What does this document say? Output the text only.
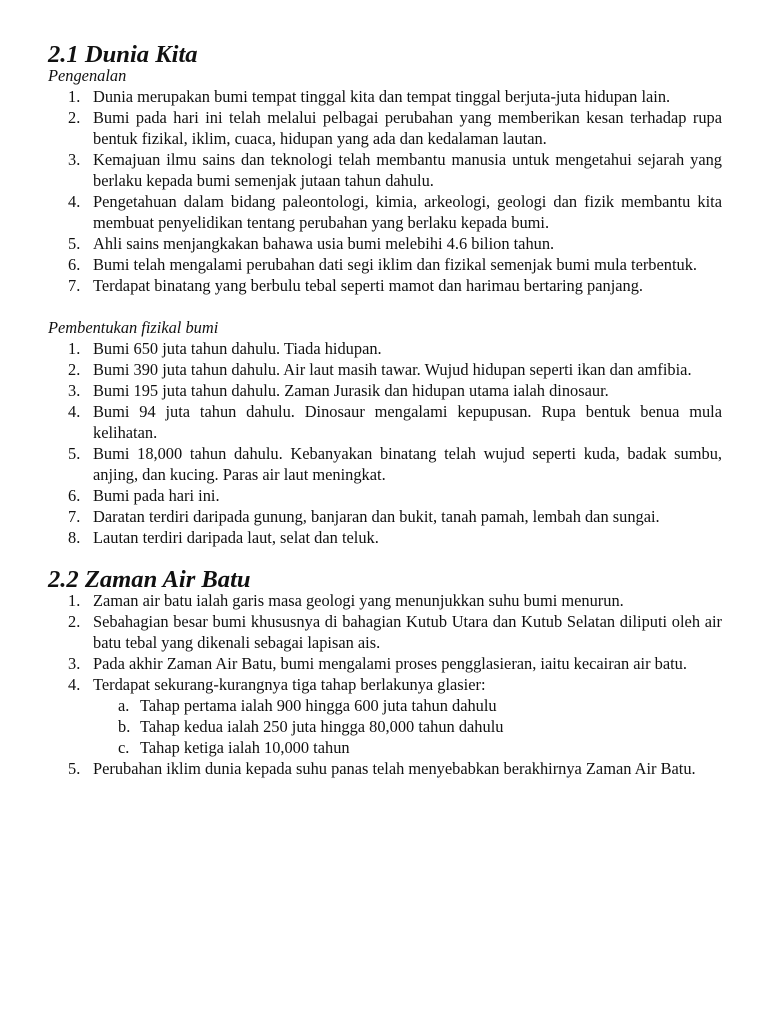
2.1 Dunia Kita
Pengenalan
1. Dunia merupakan bumi tempat tinggal kita dan tempat tinggal berjuta-juta hidupan lain.
2. Bumi pada hari ini telah melalui pelbagai perubahan yang memberikan kesan terhadap rupa bentuk fizikal, iklim, cuaca, hidupan yang ada dan kedalaman lautan.
3. Kemajuan ilmu sains dan teknologi telah membantu manusia untuk mengetahui sejarah yang berlaku kepada bumi semenjak jutaan tahun dahulu.
4. Pengetahuan dalam bidang paleontologi, kimia, arkeologi, geologi dan fizik membantu kita membuat penyelidikan tentang perubahan yang berlaku kepada bumi.
5. Ahli sains menjangkakan bahawa usia bumi melebihi 4.6 bilion tahun.
6. Bumi telah mengalami perubahan dati segi iklim dan fizikal semenjak bumi mula terbentuk.
7. Terdapat binatang yang berbulu tebal seperti mamot dan harimau bertaring panjang.
Pembentukan fizikal bumi
1. Bumi 650 juta tahun dahulu. Tiada hidupan.
2. Bumi 390 juta tahun dahulu. Air laut masih tawar. Wujud hidupan seperti ikan dan amfibia.
3. Bumi 195 juta tahun dahulu. Zaman Jurasik dan hidupan utama ialah dinosaur.
4. Bumi 94 juta tahun dahulu. Dinosaur mengalami kepupusan. Rupa bentuk benua mula kelihatan.
5. Bumi 18,000 tahun dahulu. Kebanyakan binatang telah wujud seperti kuda, badak sumbu, anjing, dan kucing. Paras air laut meningkat.
6. Bumi pada hari ini.
7. Daratan terdiri daripada gunung, banjaran dan bukit, tanah pamah, lembah dan sungai.
8. Lautan terdiri daripada laut, selat dan teluk.
2.2 Zaman Air Batu
1. Zaman air batu ialah garis masa geologi yang menunjukkan suhu bumi menurun.
2. Sebahagian besar bumi khususnya di bahagian Kutub Utara dan Kutub Selatan diliputi oleh air batu tebal yang dikenali sebagai lapisan ais.
3. Pada akhir Zaman Air Batu, bumi mengalami proses pengglasieran, iaitu kecairan air batu.
4. Terdapat sekurang-kurangnya tiga tahap berlakunya glasier:
a. Tahap pertama ialah 900 hingga 600 juta tahun dahulu
b. Tahap kedua ialah 250 juta hingga 80,000 tahun dahulu
c. Tahap ketiga ialah 10,000 tahun
5. Perubahan iklim dunia kepada suhu panas telah menyebabkan berakhirnya Zaman Air Batu.
